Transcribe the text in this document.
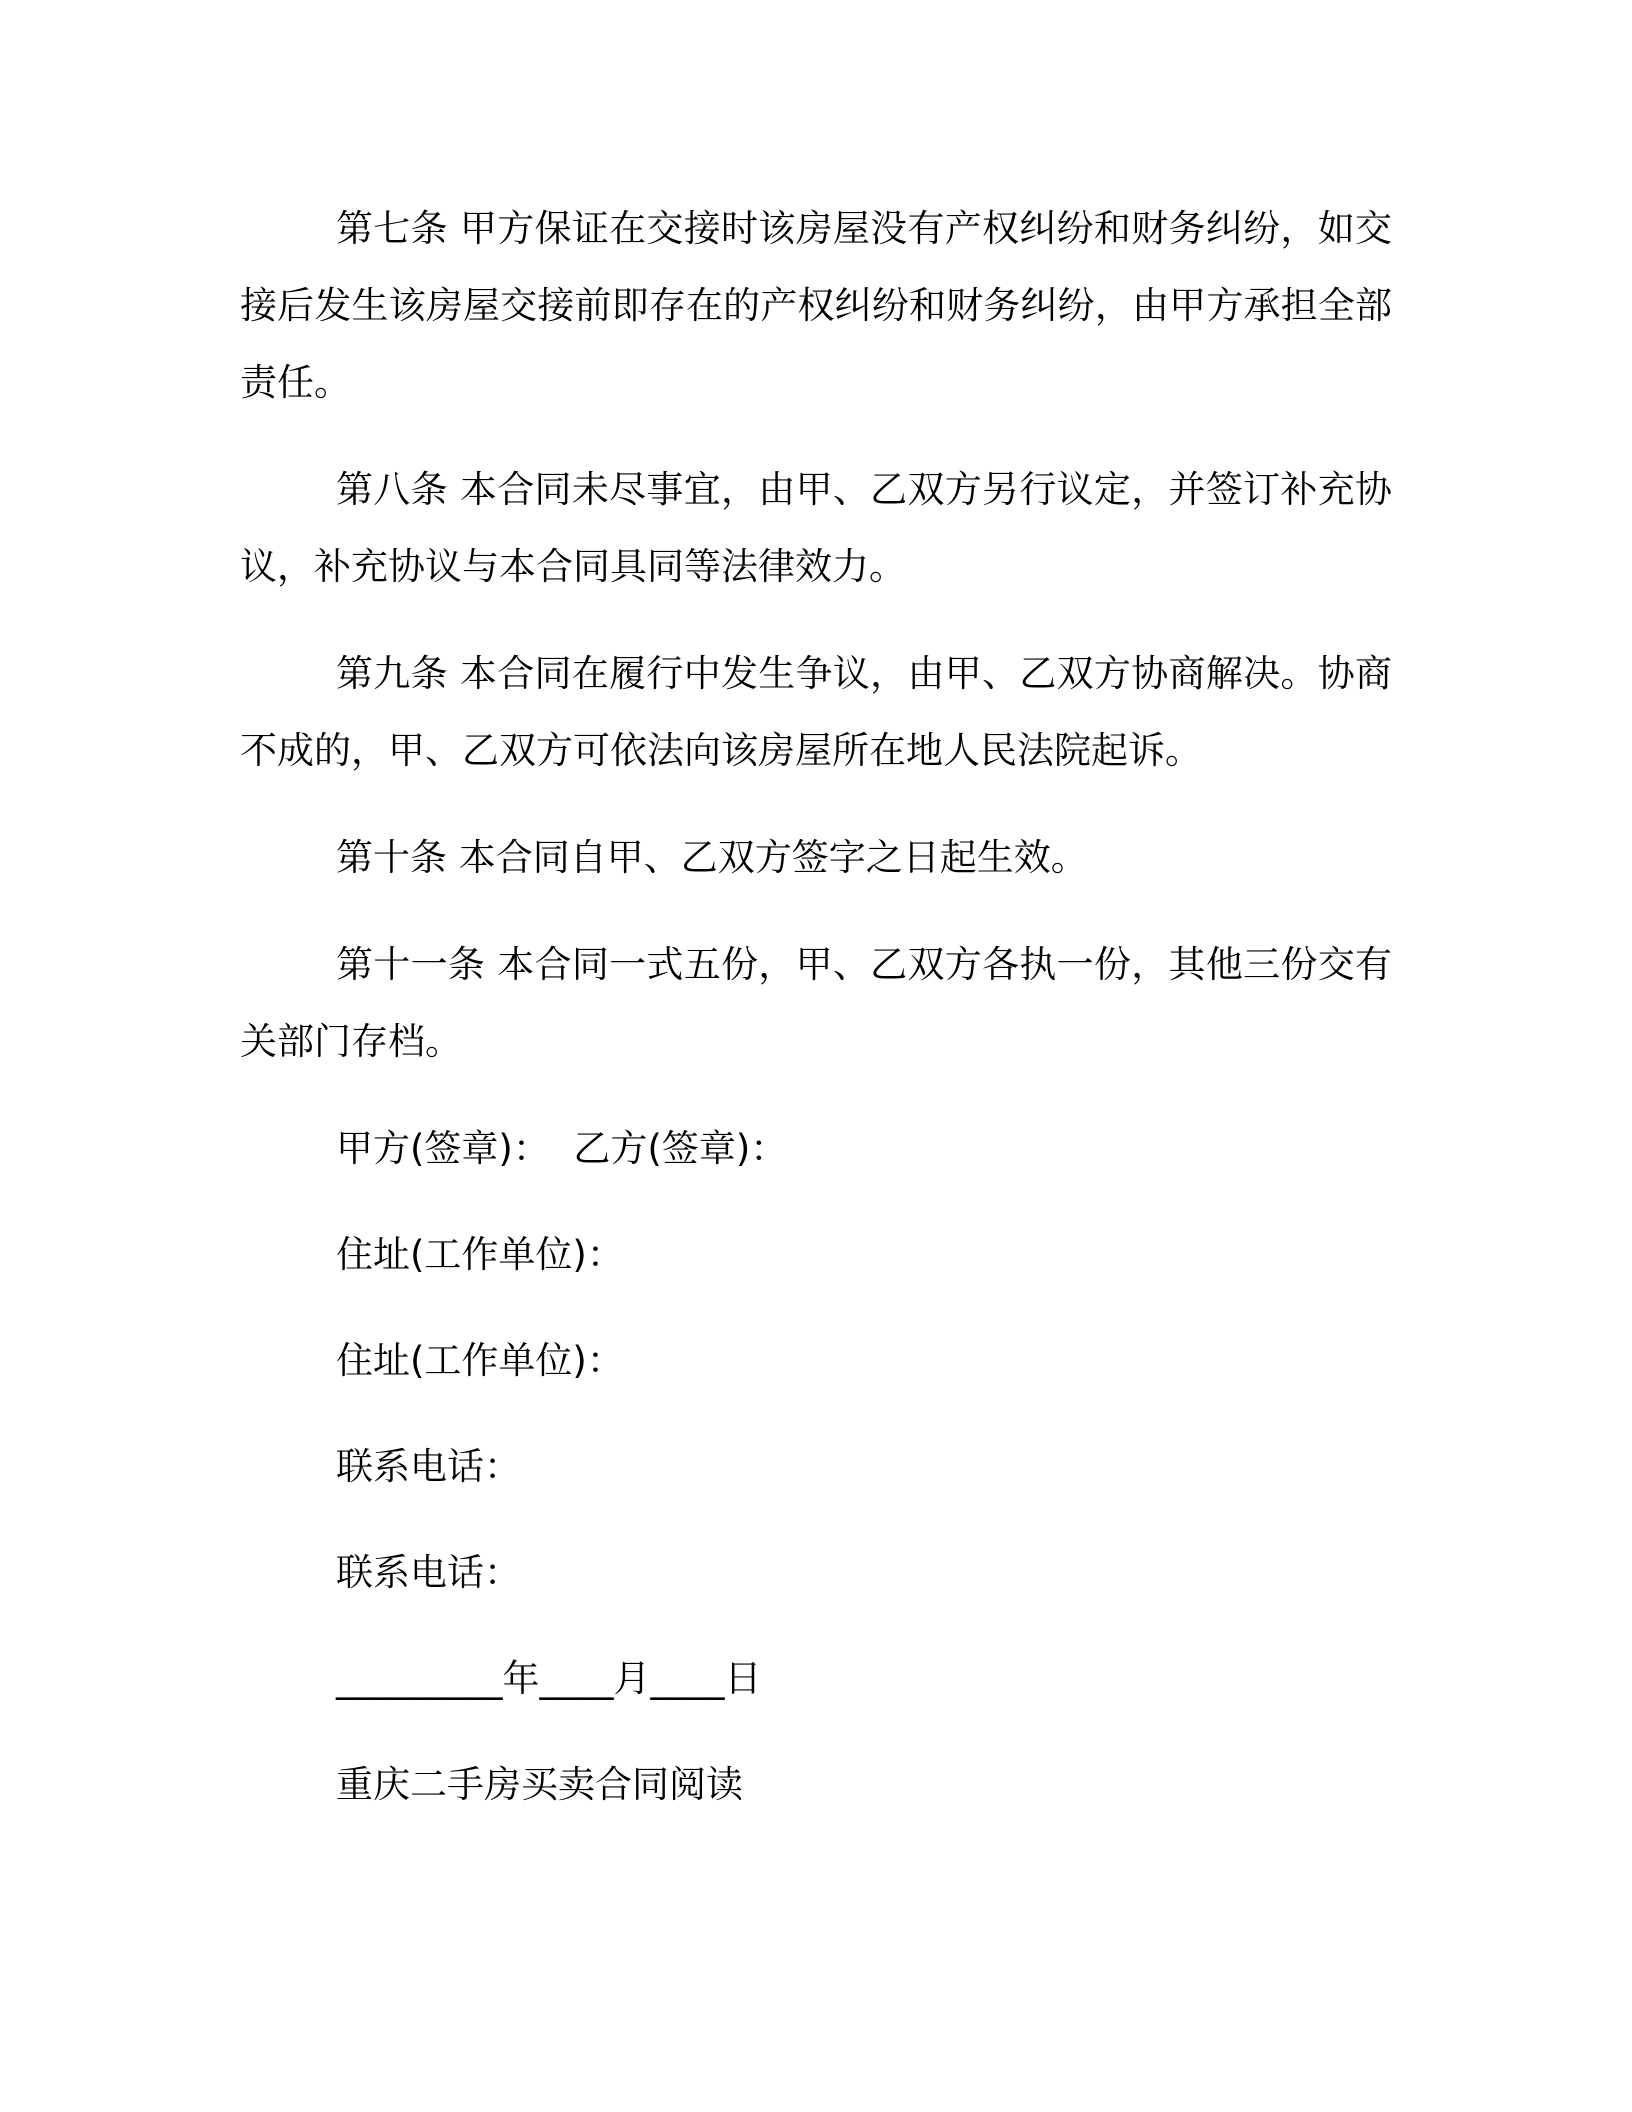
第七条 甲方保证在交接时该房屋没有产权纠纷和财务纠纷，如交接后发生该房屋交接前即存在的产权纠纷和财务纠纷，由甲方承担全部责任。

第八条 本合同未尽事宜，由甲、乙双方另行议定，并签订补充协议，补充协议与本合同具同等法律效力。

第九条 本合同在履行中发生争议，由甲、乙双方协商解决。协商不成的，甲、乙双方可依法向该房屋所在地人民法院起诉。

第十条 本合同自甲、乙双方签字之日起生效。

第十一条 本合同一式五份，甲、乙双方各执一份，其他三份交有关部门存档。

甲方(签章)：  乙方(签章)：
住址(工作单位)：
住址(工作单位)：
联系电话：
联系电话：
_________年____月____日
重庆二手房买卖合同阅读
